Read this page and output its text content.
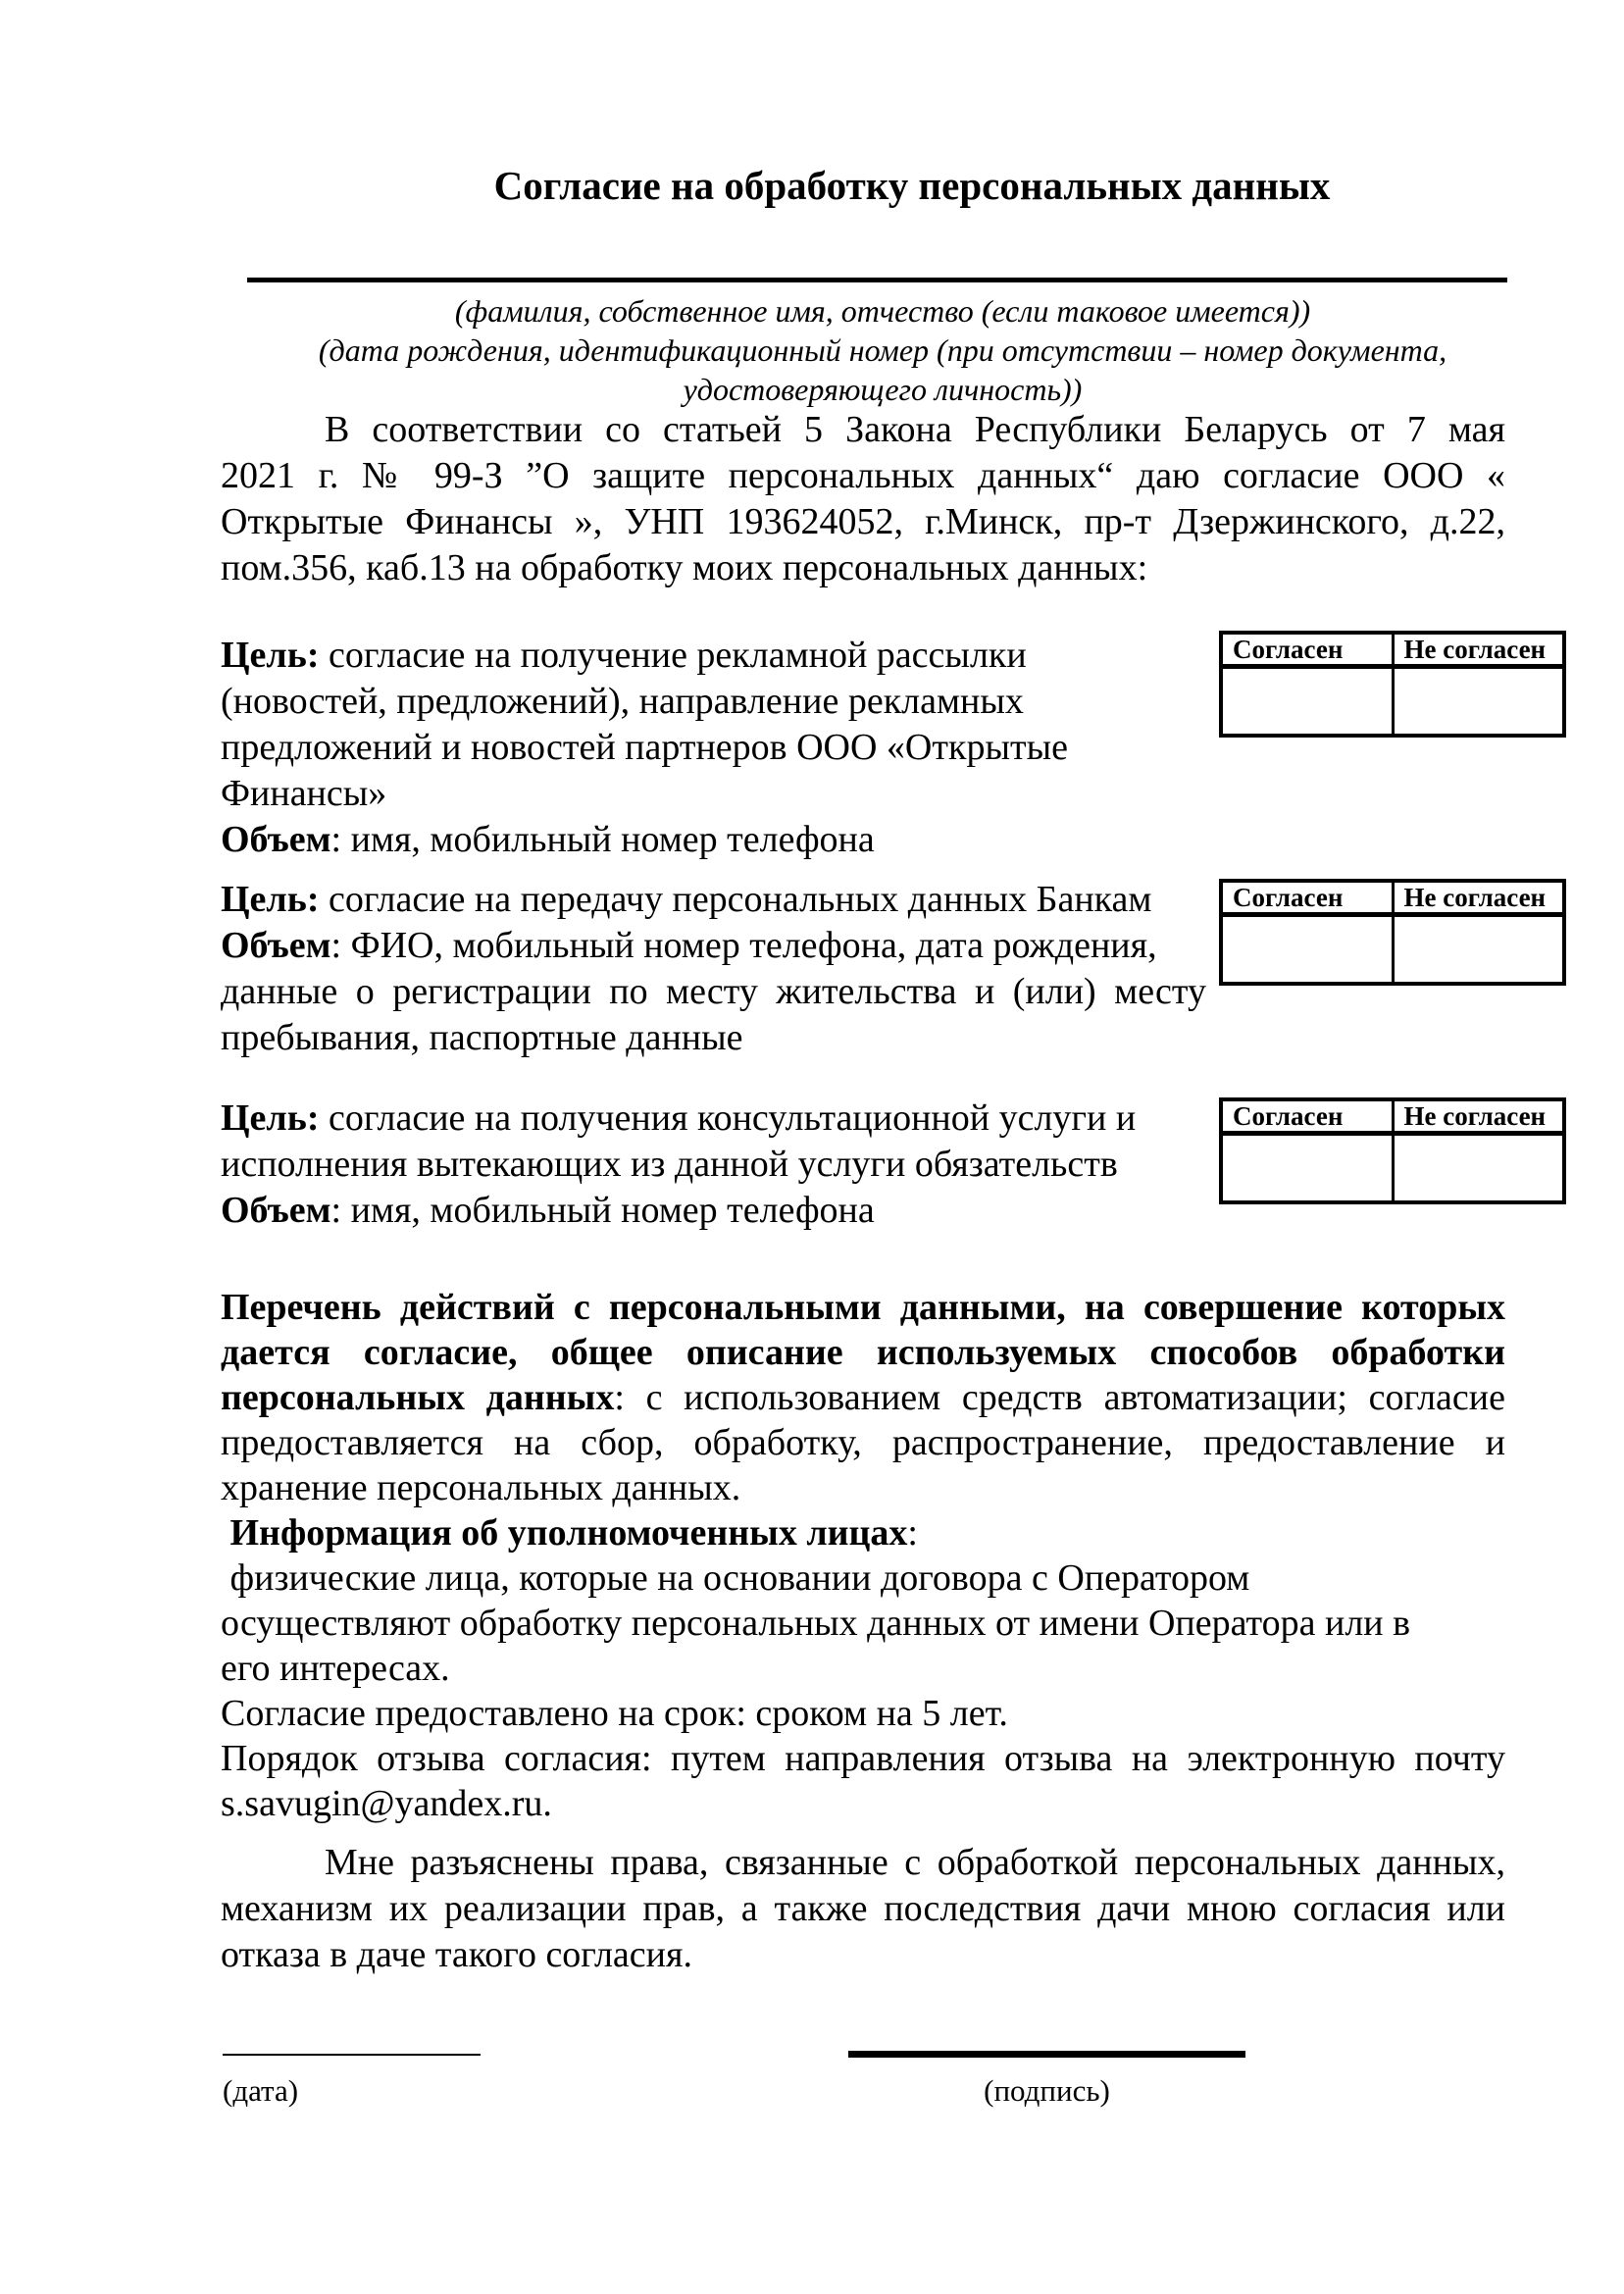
Согласие на обработку персональных данных
(фамилия, собственное имя, отчество (если таковое имеется))
(дата рождения, идентификационный номер (при отсутствии – номер документа,
удостоверяющего личность))
В соответствии со статьей 5 Закона Республики Беларусь от 7 мая
2021 г. № 99-З ”О защите персональных данных“ даю согласие ООО «
Открытые Финансы », УНП 193624052, г.Минск, пр-т Дзержинского, д.22,
пом.356, каб.13 на обработку моих персональных данных:
Цель: согласие на получение рекламной рассылки
(новостей, предложений), направление рекламных
предложений и новостей партнеров ООО «Открытые
Финансы»
Объем: имя, мобильный номер телефона
Согласен	Не согласен
Цель: согласие на передачу персональных данных Банкам
Объем: ФИО, мобильный номер телефона, дата рождения,
данные о регистрации по месту жительства и (или) месту
пребывания, паспортные данные
Согласен	Не согласен
Цель: согласие на получения консультационной услуги и
исполнения вытекающих из данной услуги обязательств
Объем: имя, мобильный номер телефона
Согласен	Не согласен
Перечень действий с персональными данными, на совершение которых
дается согласие, общее описание используемых способов обработки
персональных данных: с использованием средств автоматизации; согласие
предоставляется на сбор, обработку, распространение, предоставление и
хранение персональных данных.
Информация об уполномоченных лицах:
физические лица, которые на основании договора с Оператором
осуществляют обработку персональных данных от имени Оператора или в
его интересах.
Согласие предоставлено на срок: сроком на 5 лет.
Порядок отзыва согласия: путем направления отзыва на электронную почту
s.savugin@yandex.ru.
Мне разъяснены права, связанные с обработкой персональных данных,
механизм их реализации прав, а также последствия дачи мною согласия или
отказа в даче такого согласия.
(дата)	(подпись)
